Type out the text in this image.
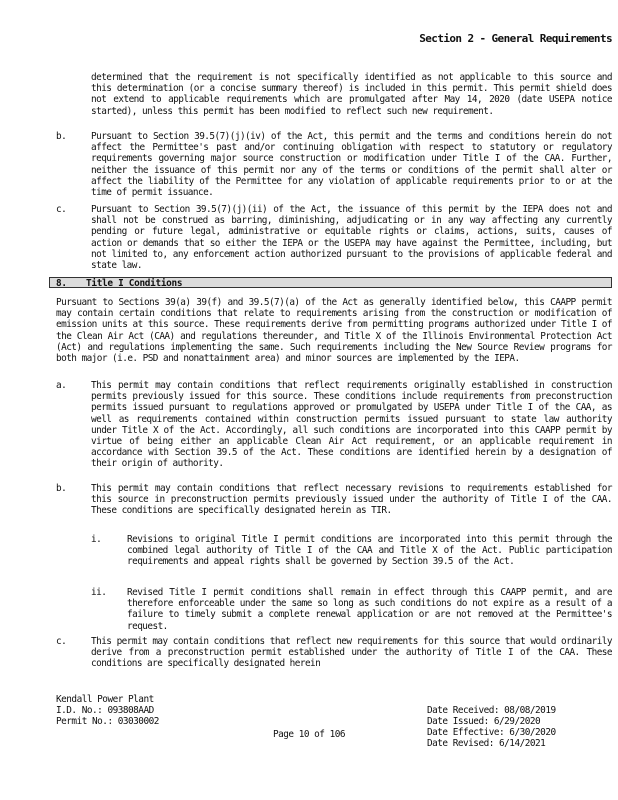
Section 2 - General Requirements
determined that the requirement is not specifically identified as not applicable to this source and this determination (or a concise summary thereof) is included in this permit. This permit shield does not extend to applicable requirements which are promulgated after May 14, 2020 (date USEPA notice started), unless this permit has been modified to reflect such new requirement.
b.	Pursuant to Section 39.5(7)(j)(iv) of the Act, this permit and the terms and conditions herein do not affect the Permittee's past and/or continuing obligation with respect to statutory or regulatory requirements governing major source construction or modification under Title I of the CAA. Further, neither the issuance of this permit nor any of the terms or conditions of the permit shall alter or affect the liability of the Permittee for any violation of applicable requirements prior to or at the time of permit issuance.
c.	Pursuant to Section 39.5(7)(j)(ii) of the Act, the issuance of this permit by the IEPA does not and shall not be construed as barring, diminishing, adjudicating or in any way affecting any currently pending or future legal, administrative or equitable rights or claims, actions, suits, causes of action or demands that so either the IEPA or the USEPA may have against the Permittee, including, but not limited to, any enforcement action authorized pursuant to the provisions of applicable federal and state law.
8. Title I Conditions
Pursuant to Sections 39(a) 39(f) and 39.5(7)(a) of the Act as generally identified below, this CAAPP permit may contain certain conditions that relate to requirements arising from the construction or modification of emission units at this source. These requirements derive from permitting programs authorized under Title I of the Clean Air Act (CAA) and regulations thereunder, and Title X of the Illinois Environmental Protection Act (Act) and regulations implementing the same. Such requirements including the New Source Review programs for both major (i.e. PSD and nonattainment area) and minor sources are implemented by the IEPA.
a.	This permit may contain conditions that reflect requirements originally established in construction permits previously issued for this source. These conditions include requirements from preconstruction permits issued pursuant to regulations approved or promulgated by USEPA under Title I of the CAA, as well as requirements contained within construction permits issued pursuant to state law authority under Title X of the Act. Accordingly, all such conditions are incorporated into this CAAPP permit by virtue of being either an applicable Clean Air Act requirement, or an applicable requirement in accordance with Section 39.5 of the Act. These conditions are identified herein by a designation of their origin of authority.
b.	This permit may contain conditions that reflect necessary revisions to requirements established for this source in preconstruction permits previously issued under the authority of Title I of the CAA. These conditions are specifically designated herein as TIR.
i.	Revisions to original Title I permit conditions are incorporated into this permit through the combined legal authority of Title I of the CAA and Title X of the Act. Public participation requirements and appeal rights shall be governed by Section 39.5 of the Act.
ii. Revised Title I permit conditions shall remain in effect through this CAAPP permit, and are therefore enforceable under the same so long as such conditions do not expire as a result of a failure to timely submit a complete renewal application or are not removed at the Permittee's request.
c.	This permit may contain conditions that reflect new requirements for this source that would ordinarily derive from a preconstruction permit established under the authority of Title I of the CAA. These conditions are specifically designated herein
Kendall Power Plant
I.D. No.: 093808AAD
Permit No.: 03030002
Date Received: 08/08/2019
Date Issued: 6/29/2020
Date Effective: 6/30/2020
Date Revised: 6/14/2021
Page 10 of 106
